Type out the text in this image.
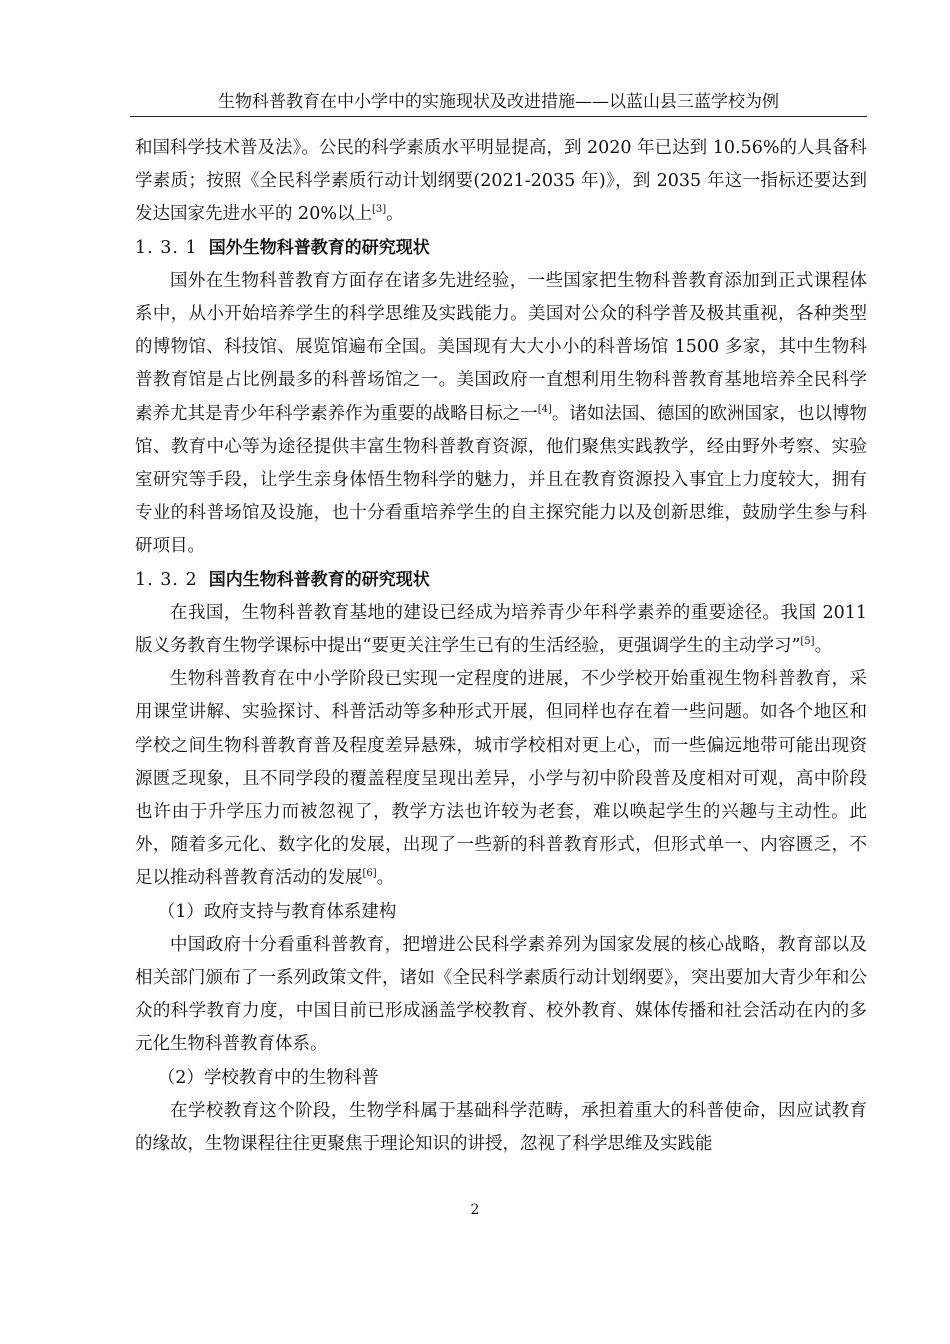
生物科普教育在中小学中的实施现状及改进措施——以蓝山县三蓝学校为例

和国科学技术普及法》。公民的科学素质水平明显提高，到 2020 年已达到 10.56%的人具备科学素质；按照《全民科学素质行动计划纲要(2021-2035 年)》，到 2035 年这一指标还要达到发达国家先进水平的 20%以上[3]。

1. 3. 1 国外生物科普教育的研究现状

国外在生物科普教育方面存在诸多先进经验，一些国家把生物科普教育添加到正式课程体系中，从小开始培养学生的科学思维及实践能力。美国对公众的科学普及极其重视，各种类型的博物馆、科技馆、展览馆遍布全国。美国现有大大小小的科普场馆 1500 多家，其中生物科普教育馆是占比例最多的科普场馆之一。美国政府一直想利用生物科普教育基地培养全民科学素养尤其是青少年科学素养作为重要的战略目标之一[4]。诸如法国、德国的欧洲国家，也以博物馆、教育中心等为途径提供丰富生物科普教育资源，他们聚焦实践教学，经由野外考察、实验室研究等手段，让学生亲身体悟生物科学的魅力，并且在教育资源投入事宜上力度较大，拥有专业的科普场馆及设施，也十分看重培养学生的自主探究能力以及创新思维，鼓励学生参与科研项目。

1. 3. 2 国内生物科普教育的研究现状

在我国，生物科普教育基地的建设已经成为培养青少年科学素养的重要途径。我国 2011 版义务教育生物学课标中提出“要更关注学生已有的生活经验，更强调学生的主动学习”[5]。

生物科普教育在中小学阶段已实现一定程度的进展，不少学校开始重视生物科普教育，采用课堂讲解、实验探讨、科普活动等多种形式开展，但同样也存在着一些问题。如各个地区和学校之间生物科普教育普及程度差异悬殊，城市学校相对更上心，而一些偏远地带可能出现资源匮乏现象，且不同学段的覆盖程度呈现出差异，小学与初中阶段普及度相对可观，高中阶段也许由于升学压力而被忽视了，教学方法也许较为老套，难以唤起学生的兴趣与主动性。此外，随着多元化、数字化的发展，出现了一些新的科普教育形式，但形式单一、内容匮乏，不足以推动科普教育活动的发展[6]。

（1）政府支持与教育体系建构

中国政府十分看重科普教育，把增进公民科学素养列为国家发展的核心战略，教育部以及相关部门颁布了一系列政策文件，诸如《全民科学素质行动计划纲要》，突出要加大青少年和公众的科学教育力度，中国目前已形成涵盖学校教育、校外教育、媒体传播和社会活动在内的多元化生物科普教育体系。

（2）学校教育中的生物科普

在学校教育这个阶段，生物学科属于基础科学范畴，承担着重大的科普使命，因应试教育的缘故，生物课程往往更聚焦于理论知识的讲授，忽视了科学思维及实践能

2
